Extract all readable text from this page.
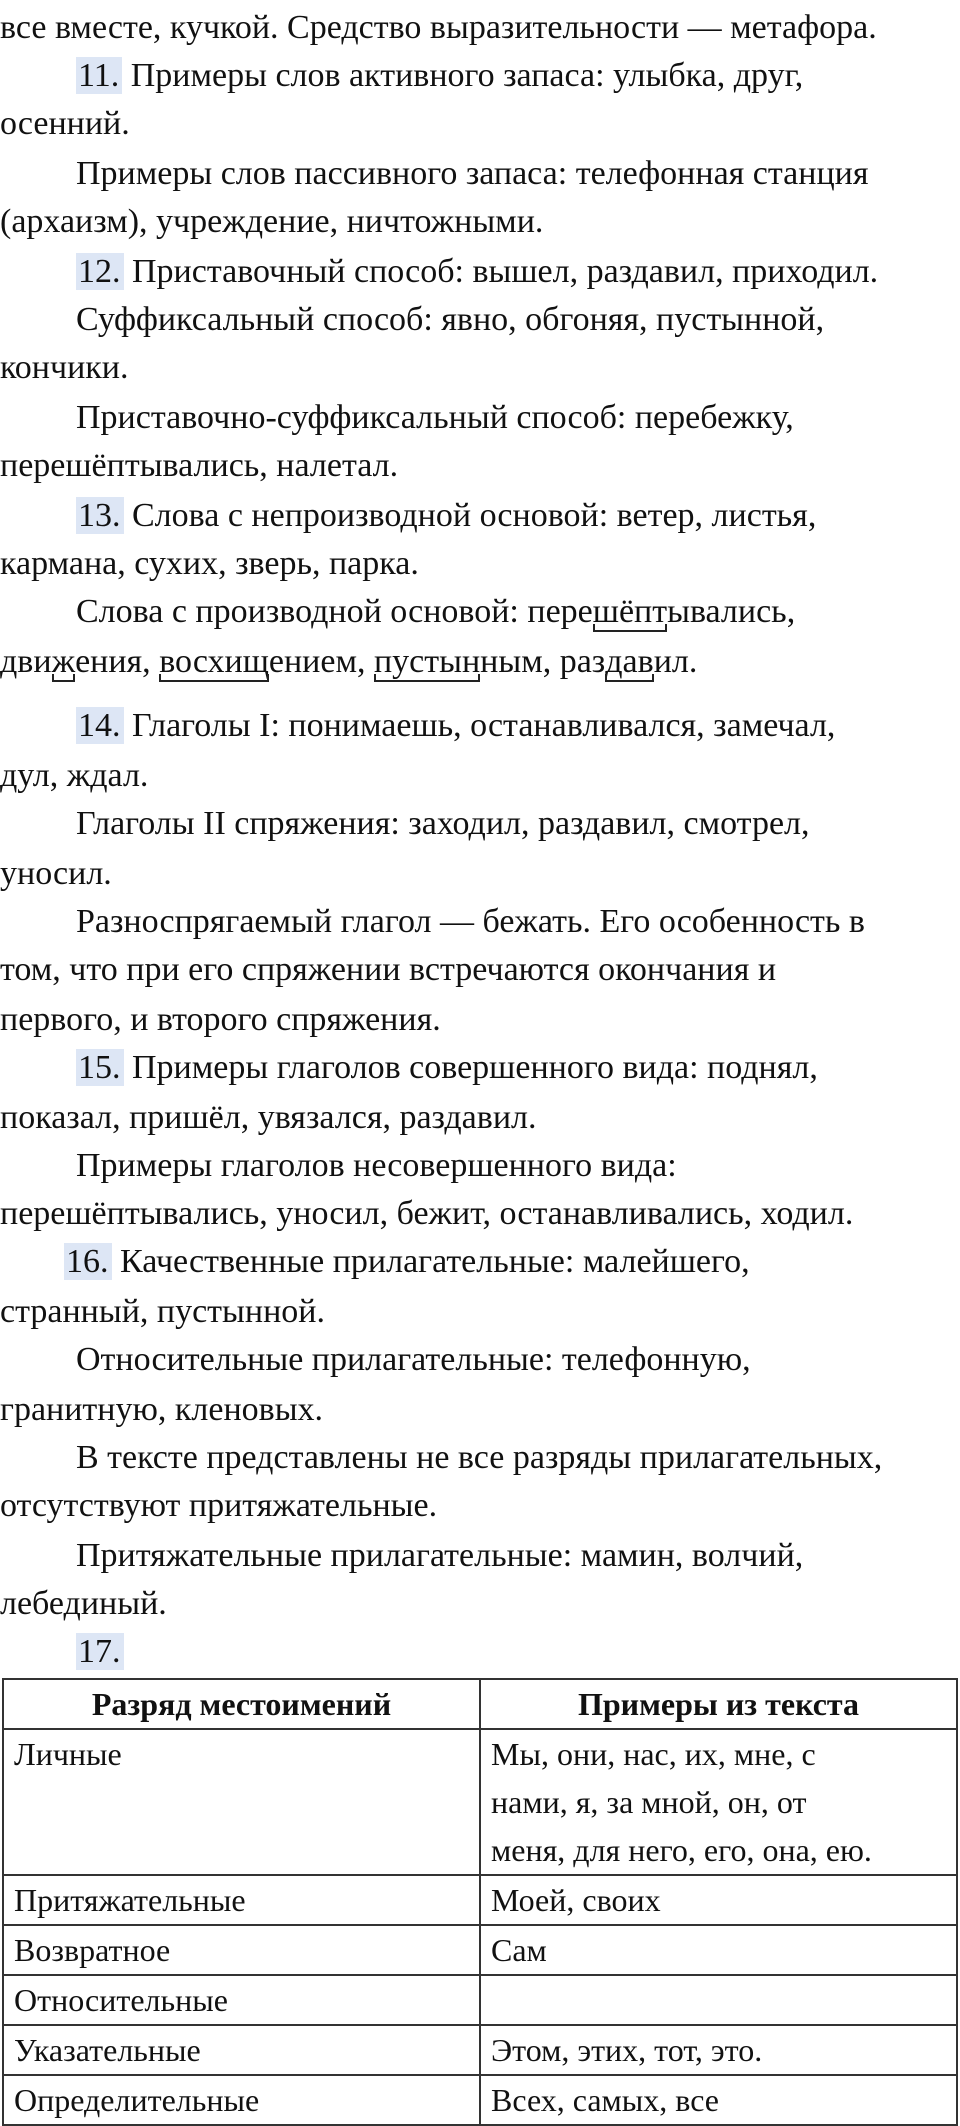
все вместе, кучкой. Средство выразительности — метафора.
11. Примеры слов активного запаса: улыбка, друг,
осенний.
Примеры слов пассивного запаса: телефонная станция
(архаизм), учреждение, ничтожными.
12. Приставочный способ: вышел, раздавил, приходил.
Суффиксальный способ: явно, обгоняя, пустынной,
кончики.
Приставочно-суффиксальный способ: перебежку,
перешёптывались, налетал.
13. Слова с непроизводной основой: ветер, листья,
кармана, сухих, зверь, парка.
Слова с производной основой: перешёптывались,
движения, восхищением, пустынным, раздавил.
14. Глаголы I: понимаешь, останавливался, замечал,
дул, ждал.
Глаголы II спряжения: заходил, раздавил, смотрел,
уносил.
Разноспрягаемый глагол — бежать. Его особенность в
том, что при его спряжении встречаются окончания и
первого, и второго спряжения.
15. Примеры глаголов совершенного вида: поднял,
показал, пришёл, увязался, раздавил.
Примеры глаголов несовершенного вида:
перешёптывались, уносил, бежит, останавливались, ходил.
16. Качественные прилагательные: малейшего,
странный, пустынной.
Относительные прилагательные: телефонную,
гранитную, кленовых.
В тексте представлены не все разряды прилагательных,
отсутствуют притяжательные.
Притяжательные прилагательные: мамин, волчий,
лебединый.
17.
Разряд местоимений	Примеры из текста
Личные	Мы, они, нас, их, мне, с
нами, я, за мной, он, от
меня, для него, его, она, ею.

Притяжательные	Моей, своих
Возвратное	Сам
Относительные	
Указательные	Этом, этих, тот, это.
Определительные	Всех, самых, все
